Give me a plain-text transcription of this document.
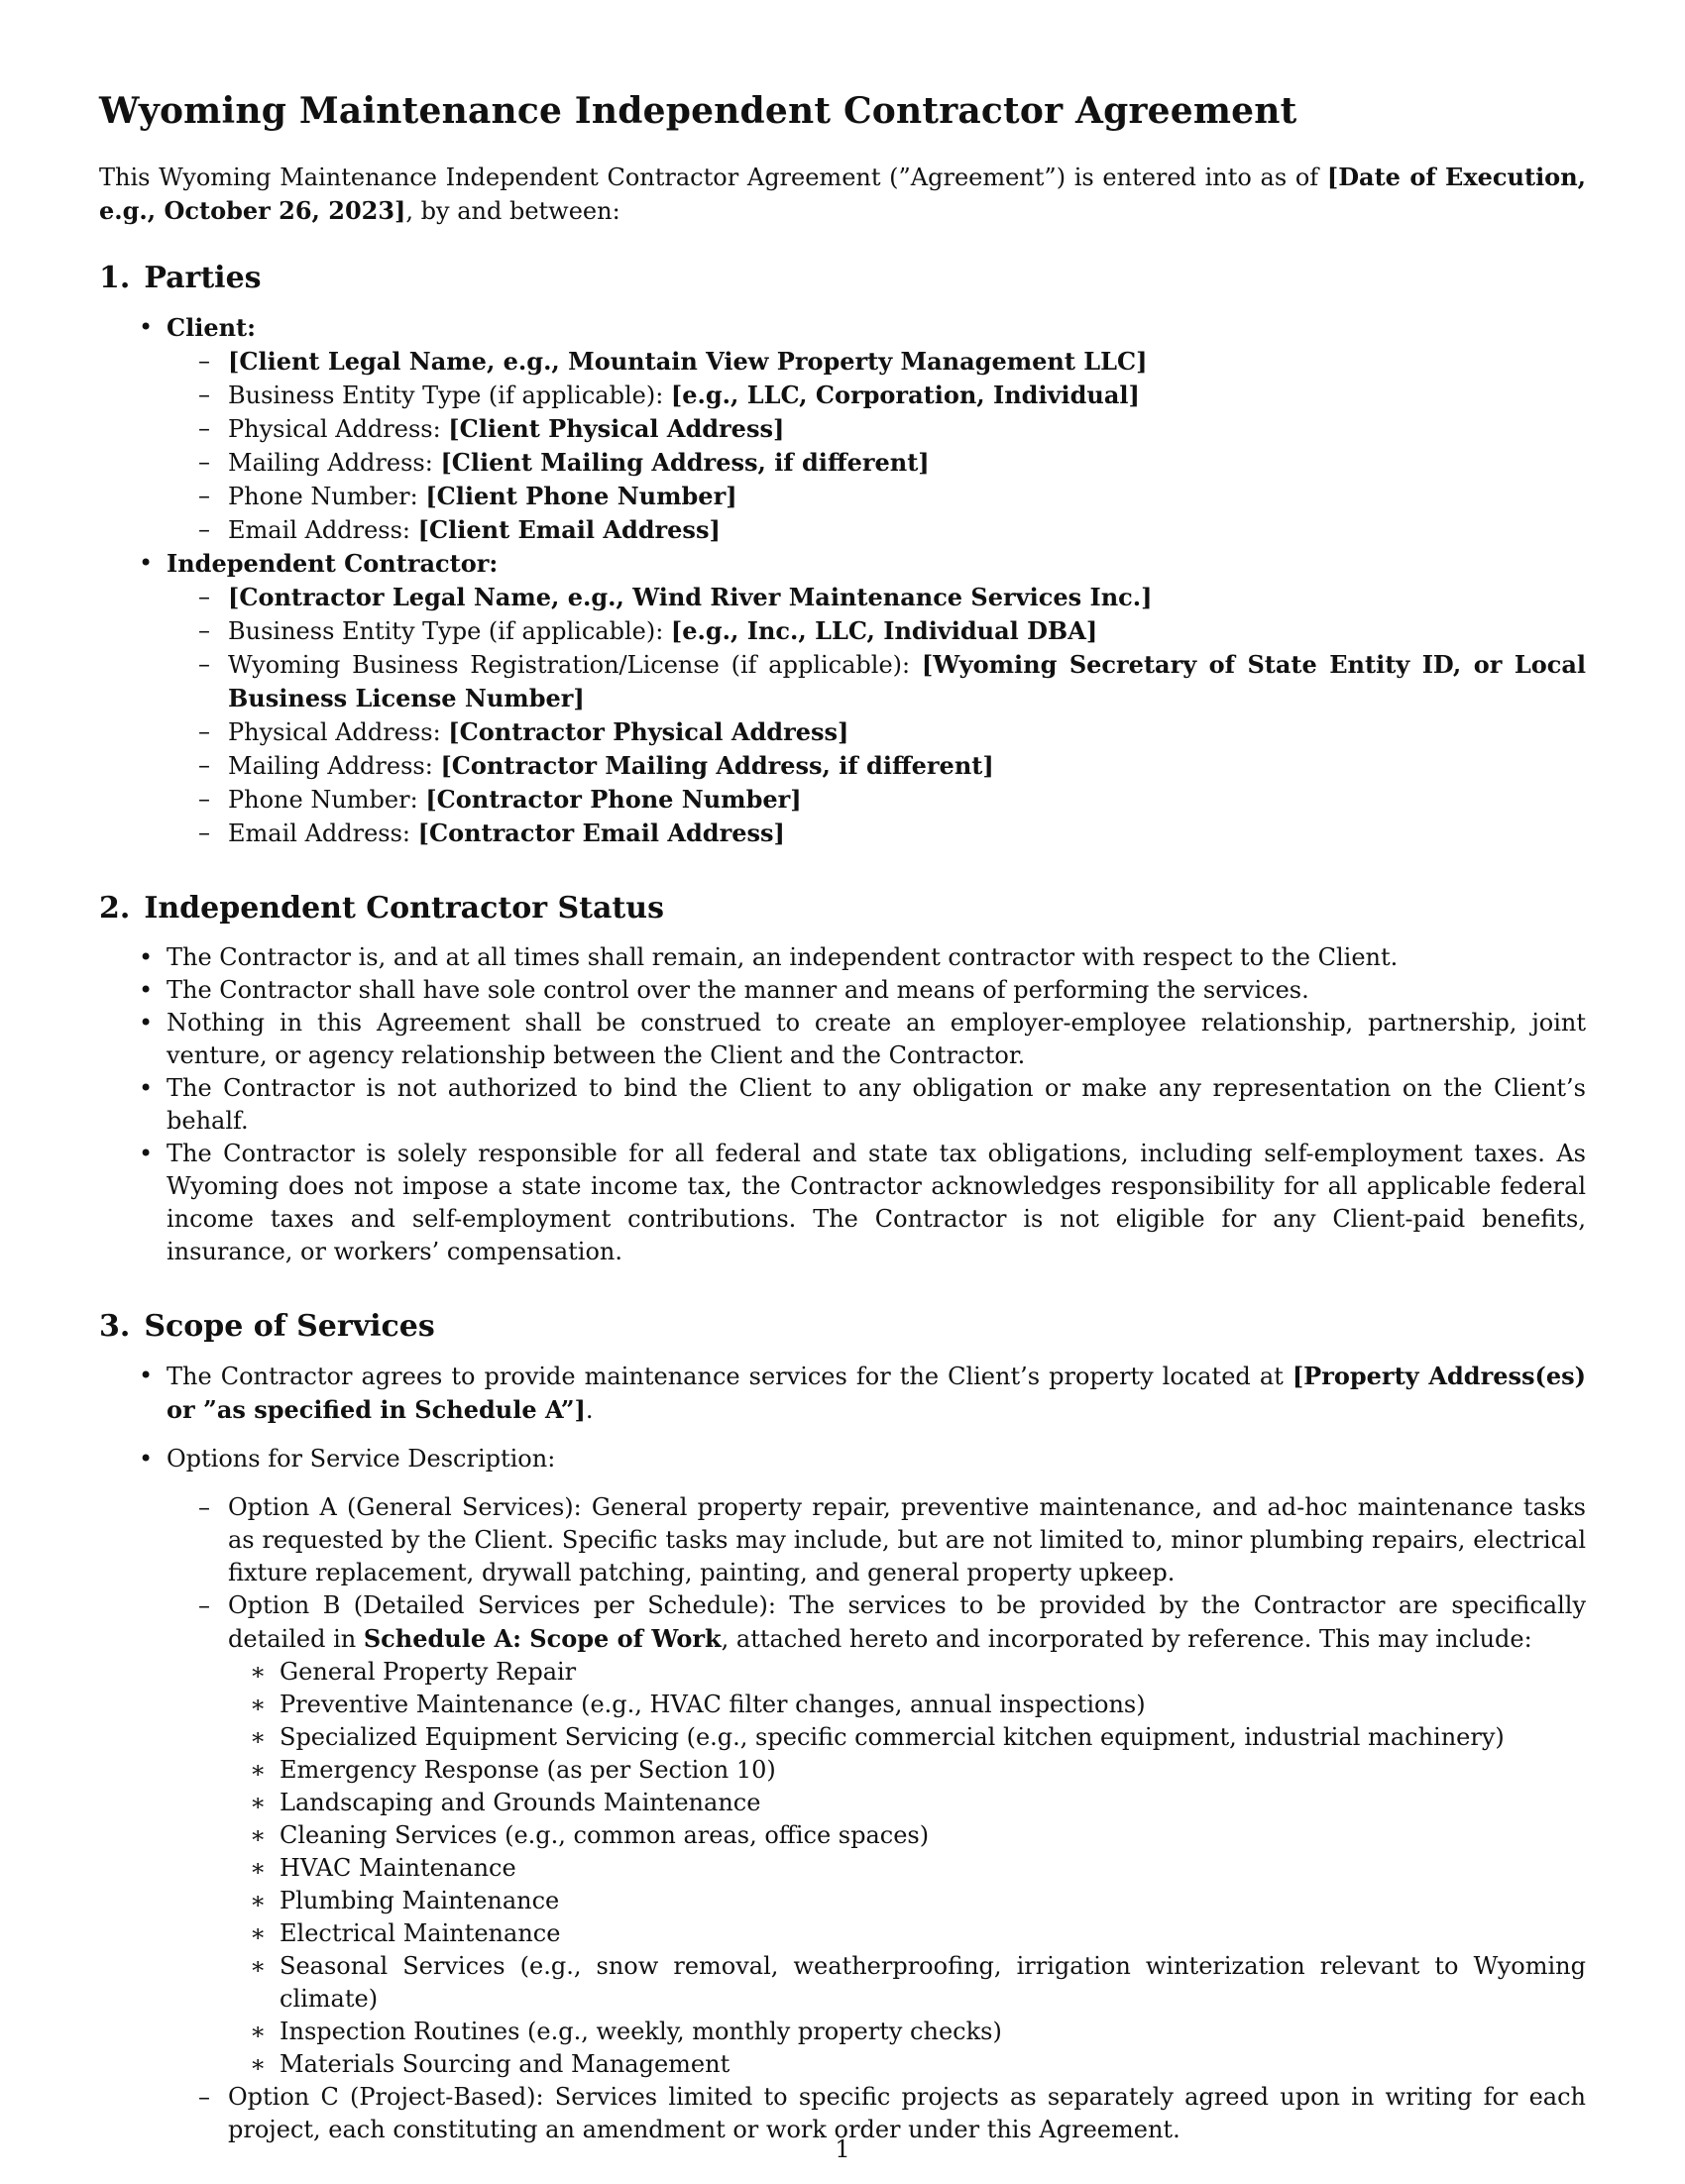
Wyoming Maintenance Independent Contractor Agreement

This Wyoming Maintenance Independent Contractor Agreement (”Agreement”) is entered into as of [Date of Execution, e.g., October 26, 2023], by and between:

1. Parties
• Client:
– [Client Legal Name, e.g., Mountain View Property Management LLC]
– Business Entity Type (if applicable): [e.g., LLC, Corporation, Individual]
– Physical Address: [Client Physical Address]
– Mailing Address: [Client Mailing Address, if different]
– Phone Number: [Client Phone Number]
– Email Address: [Client Email Address]
• Independent Contractor:
– [Contractor Legal Name, e.g., Wind River Maintenance Services Inc.]
– Business Entity Type (if applicable): [e.g., Inc., LLC, Individual DBA]
– Wyoming Business Registration/License (if applicable): [Wyoming Secretary of State Entity ID, or Local Business License Number]
– Physical Address: [Contractor Physical Address]
– Mailing Address: [Contractor Mailing Address, if different]
– Phone Number: [Contractor Phone Number]
– Email Address: [Contractor Email Address]
2. Independent Contractor Status
• The Contractor is, and at all times shall remain, an independent contractor with respect to the Client.
• The Contractor shall have sole control over the manner and means of performing the services.
• Nothing in this Agreement shall be construed to create an employer-employee relationship, partnership, joint venture, or agency relationship between the Client and the Contractor.
• The Contractor is not authorized to bind the Client to any obligation or make any representation on the Client’s behalf.
• The Contractor is solely responsible for all federal and state tax obligations, including self-employment taxes. As Wyoming does not impose a state income tax, the Contractor acknowledges responsibility for all applicable federal income taxes and self-employment contributions. The Contractor is not eligible for any Client-paid benefits, insurance, or workers’ compensation.
3. Scope of Services
• The Contractor agrees to provide maintenance services for the Client’s property located at [Property Address(es) or ”as specified in Schedule A”].
• Options for Service Description:
– Option A (General Services): General property repair, preventive maintenance, and ad-hoc maintenance tasks as requested by the Client. Specific tasks may include, but are not limited to, minor plumbing repairs, electrical fixture replacement, drywall patching, painting, and general property upkeep.
– Option B (Detailed Services per Schedule): The services to be provided by the Contractor are specifically detailed in Schedule A: Scope of Work, attached hereto and incorporated by reference. This may include:
∗ General Property Repair
∗ Preventive Maintenance (e.g., HVAC filter changes, annual inspections)
∗ Specialized Equipment Servicing (e.g., specific commercial kitchen equipment, industrial machinery)
∗ Emergency Response (as per Section 10)
∗ Landscaping and Grounds Maintenance
∗ Cleaning Services (e.g., common areas, office spaces)
∗ HVAC Maintenance
∗ Plumbing Maintenance
∗ Electrical Maintenance
∗ Seasonal Services (e.g., snow removal, weatherproofing, irrigation winterization relevant to Wyoming climate)
∗ Inspection Routines (e.g., weekly, monthly property checks)
∗ Materials Sourcing and Management
– Option C (Project-Based): Services limited to specific projects as separately agreed upon in writing for each project, each constituting an amendment or work order under this Agreement.
1
